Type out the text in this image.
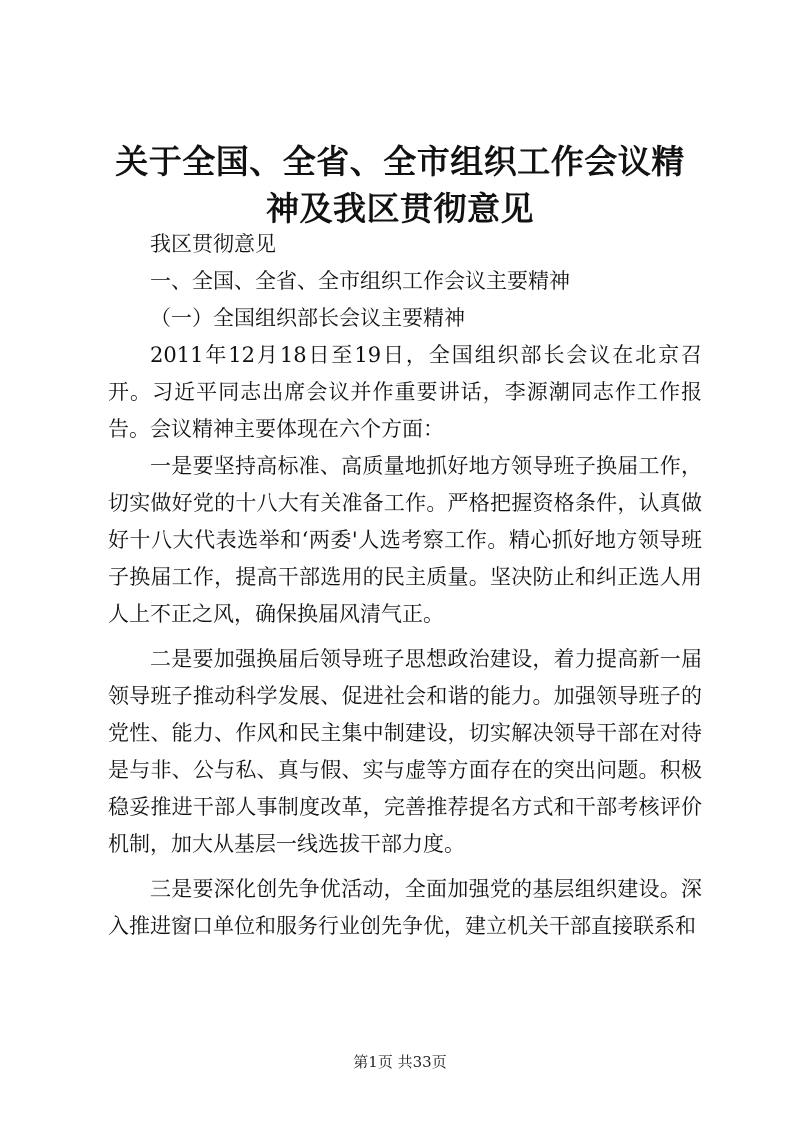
关于全国、全省、全市组织工作会议精神及我区贯彻意见

我区贯彻意见

一、全国、全省、全市组织工作会议主要精神

（一）全国组织部长会议主要精神

2011年12月18日至19日，全国组织部长会议在北京召开。习近平同志出席会议并作重要讲话，李源潮同志作工作报告。会议精神主要体现在六个方面：

一是要坚持高标准、高质量地抓好地方领导班子换届工作，切实做好党的十八大有关准备工作。严格把握资格条件，认真做好十八大代表选举和‘两委'人选考察工作。精心抓好地方领导班子换届工作，提高干部选用的民主质量。坚决防止和纠正选人用人上不正之风，确保换届风清气正。

二是要加强换届后领导班子思想政治建设，着力提高新一届领导班子推动科学发展、促进社会和谐的能力。加强领导班子的党性、能力、作风和民主集中制建设，切实解决领导干部在对待是与非、公与私、真与假、实与虚等方面存在的突出问题。积极稳妥推进干部人事制度改革，完善推荐提名方式和干部考核评价机制，加大从基层一线选拔干部力度。

三是要深化创先争优活动，全面加强党的基层组织建设。深入推进窗口单位和服务行业创先争优，建立机关干部直接联系和

第1页 共33页
